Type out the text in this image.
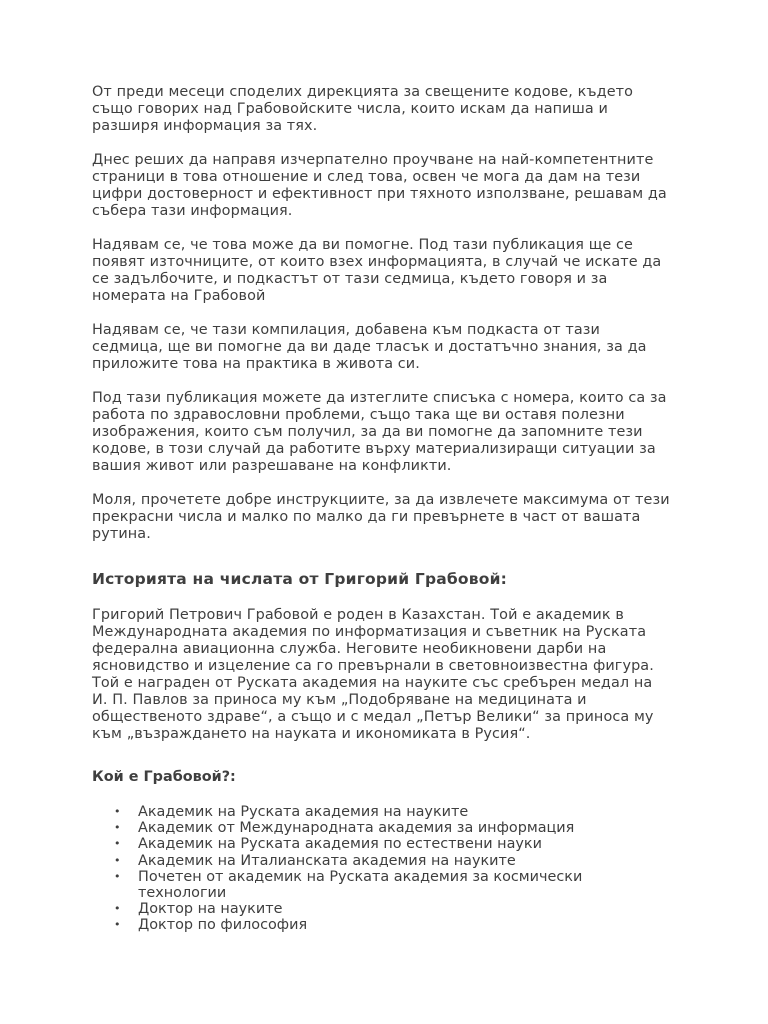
От преди месеци споделих дирекцията за свещените кодове, където също говорих над Грабовойските числа, които искам да напиша и разширя информация за тях.

Днес реших да направя изчерпателно проучване на най-компетентните страници в това отношение и след това, освен че мога да дам на тези цифри достоверност и ефективност при тяхното използване, решавам да събера тази информация.

Надявам се, че това може да ви помогне. Под тази публикация ще се появят източниците, от които взех информацията, в случай че искате да се задълбочите, и подкастът от тази седмица, където говоря и за номерата на Грабовой

Надявам се, че тази компилация, добавена към подкаста от тази седмица, ще ви помогне да ви даде тласък и достатъчно знания, за да приложите това на практика в живота си.

Под тази публикация можете да изтеглите списъка с номера, които са за работа по здравословни проблеми, също така ще ви оставя полезни изображения, които съм получил, за да ви помогне да запомните тези кодове, в този случай да работите върху материализиращи ситуации за вашия живот или разрешаване на конфликти.

Моля, прочетете добре инструкциите, за да извлечете максимума от тези прекрасни числа и малко по малко да ги превърнете в част от вашата рутина.

Историята на числата от Григорий Грабовой:

Григорий Петрович Грабовой е роден в Казахстан. Той е академик в Международната академия по информатизация и съветник на Руската федерална авиационна служба. Неговите необикновени дарби на ясновидство и изцеление са го превърнали в световноизвестна фигура. Той е награден от Руската академия на науките със сребърен медал на И. П. Павлов за приноса му към „Подобряване на медицината и общественото здраве“, а също и с медал „Петър Велики“ за приноса му към „възраждането на науката и икономиката в Русия“.

Кой е Грабовой?:
• Академик на Руската академия на науките
• Академик от Международната академия за информация
• Академик на Руската академия по естествени науки
• Академик на Италианската академия на науките
• Почетен от академик на Руската академия за космически технологии
• Доктор на науките
• Доктор по философия
